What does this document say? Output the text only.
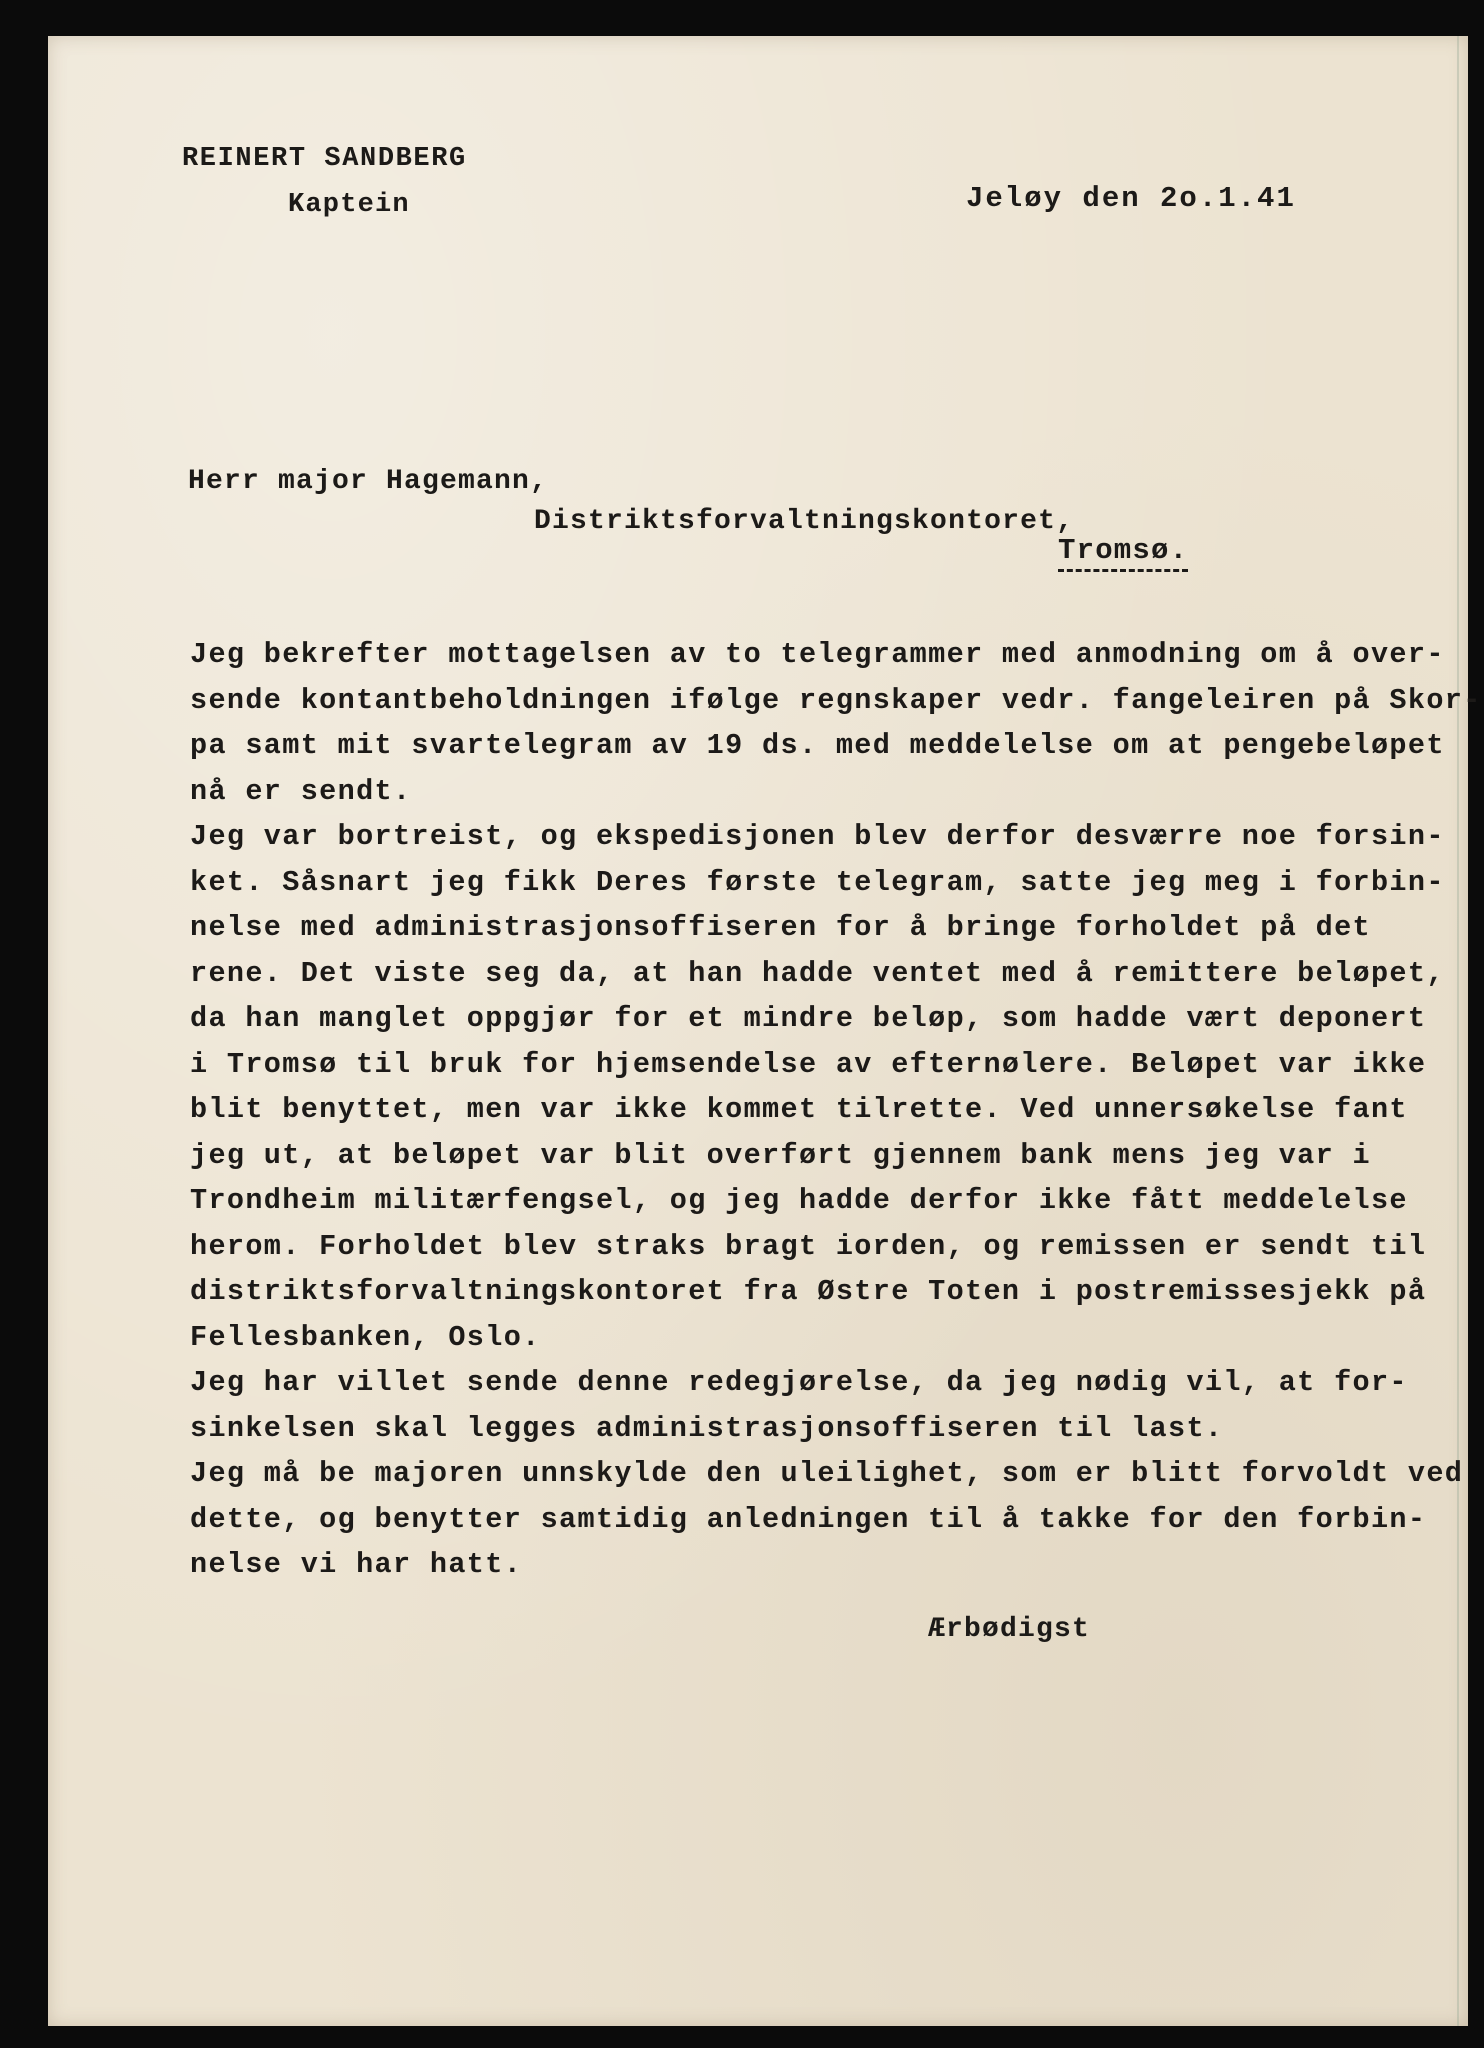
REINERT SANDBERG
Kaptein	Jeløy den 2o.1.41
Herr major Hagemann,
Distriktsforvaltningskontoret,
Tromsø.
Jeg bekrefter mottagelsen av to telegrammer med anmodning om å over-
sende kontantbeholdningen ifølge regnskaper vedr. fangeleiren på Skor-
pa samt mit svartelegram av 19 ds. med meddelelse om at pengebeløpet
nå er sendt.
Jeg var bortreist, og ekspedisjonen blev derfor desværre noe forsin-
ket. Såsnart jeg fikk Deres første telegram, satte jeg meg i forbin-
nelse med administrasjonsoffiseren for å bringe forholdet på det
rene. Det viste seg da, at han hadde ventet med å remittere beløpet,
da han manglet oppgjør for et mindre beløp, som hadde vært deponert
i Tromsø til bruk for hjemsendelse av efternølere. Beløpet var ikke
blit benyttet, men var ikke kommet tilrette. Ved unnersøkelse fant
jeg ut, at beløpet var blit overført gjennem bank mens jeg var i
Trondheim militærfengsel, og jeg hadde derfor ikke fått meddelelse
herom. Forholdet blev straks bragt iorden, og remissen er sendt til
distriktsforvaltningskontoret fra Østre Toten i postremissesjekk på
Fellesbanken, Oslo.
Jeg har villet sende denne redegjørelse, da jeg nødig vil, at for-
sinkelsen skal legges administrasjonsoffiseren til last.
Jeg må be majoren unnskylde den uleilighet, som er blitt forvoldt ved
dette, og benytter samtidig anledningen til å takke for den forbin-
nelse vi har hatt.
Ærbødigst
